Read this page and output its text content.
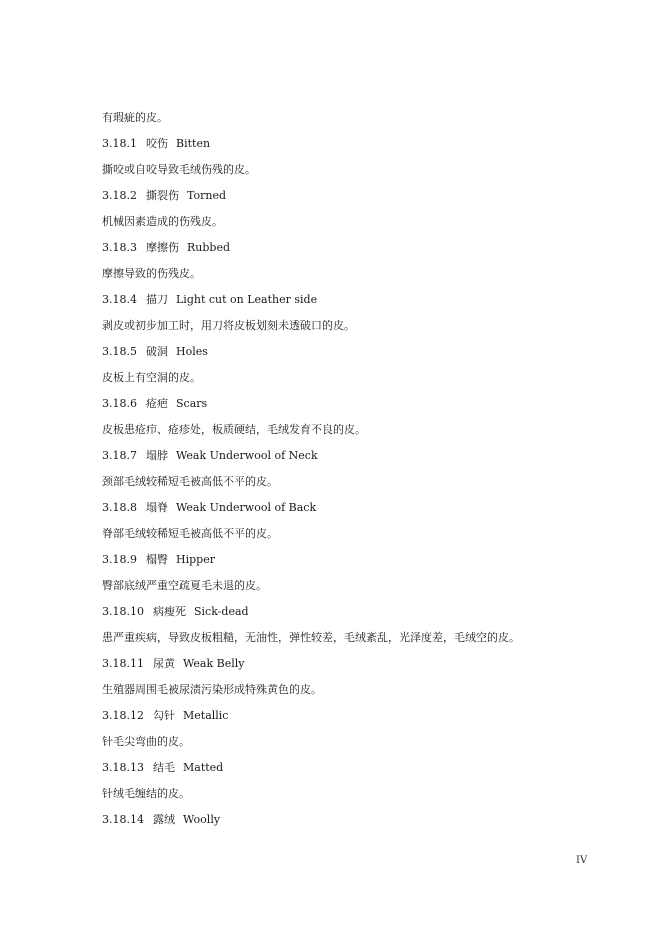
有瑕疵的皮。
3.18.1 咬伤 Bitten
撕咬或自咬导致毛绒伤残的皮。
3.18.2 撕裂伤 Torned
机械因素造成的伤残皮。
3.18.3 摩擦伤 Rubbed
摩擦导致的伤残皮。
3.18.4 描刀 Light cut on Leather side
剥皮或初步加工时，用刀将皮板划刻未透破口的皮。
3.18.5 破洞 Holes
皮板上有空洞的皮。
3.18.6 疮疤 Scars
皮板患疮疖、疮疹处，板质硬结，毛绒发育不良的皮。
3.18.7 塌脖 Weak Underwool of Neck
颈部毛绒较稀短毛被高低不平的皮。
3.18.8 塌脊 Weak Underwool of Back
脊部毛绒较稀短毛被高低不平的皮。
3.18.9 榻臀 Hipper
臀部底绒严重空疏夏毛未退的皮。
3.18.10 病瘦死 Sick-dead
患严重疾病，导致皮板粗糙，无油性，弹性较差，毛绒紊乱，光泽度差，毛绒空的皮。
3.18.11 尿黄 Weak Belly
生殖器周围毛被尿渍污染形成特殊黄色的皮。
3.18.12 勾针 Metallic
针毛尖弯曲的皮。
3.18.13 结毛 Matted
针绒毛缠结的皮。
3.18.14 露绒 Woolly
IV
